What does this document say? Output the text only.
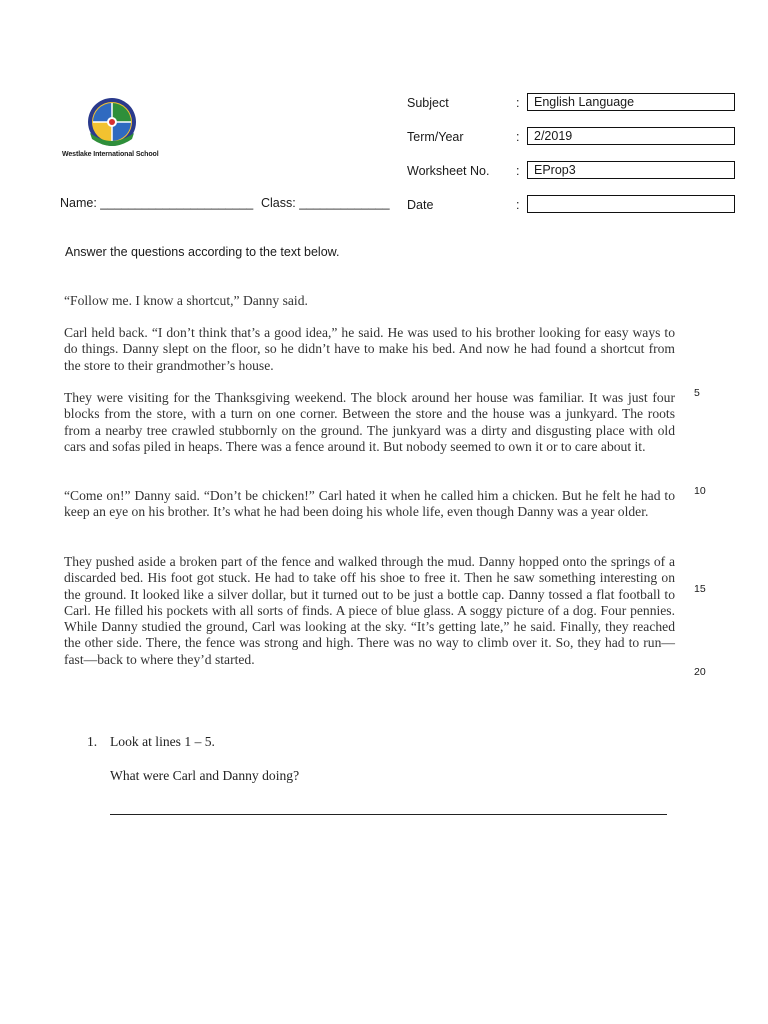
Westlake International School
Subject	:	English Language
Term/Year	:	2/2019
Worksheet No. :	EProp3
Date	:
Name: ______________________ Class: _____________
Answer the questions according to the text below.
“Follow me. I know a shortcut,” Danny said.
Carl held back. “I don’t think that’s a good idea,” he said. He was used to his brother looking for easy ways to do things. Danny slept on the floor, so he didn’t have to make his bed. And now he had found a shortcut from the store to their grandmother’s house.
They were visiting for the Thanksgiving weekend. The block around her house was familiar. It was just four blocks from the store, with a turn on one corner. Between the store and the house was a junkyard. The roots from a nearby tree crawled stubbornly on the ground. The junkyard was a dirty and disgusting place with old cars and sofas piled in heaps. There was a fence around it. But nobody seemed to own it or to care about it.
“Come on!” Danny said. “Don’t be chicken!” Carl hated it when he called him a chicken. But he felt he had to keep an eye on his brother. It’s what he had been doing his whole life, even though Danny was a year older.
They pushed aside a broken part of the fence and walked through the mud. Danny hopped onto the springs of a discarded bed. His foot got stuck. He had to take off his shoe to free it. Then he saw something interesting on the ground. It looked like a silver dollar, but it turned out to be just a bottle cap. Danny tossed a flat football to Carl. He filled his pockets with all sorts of finds. A piece of blue glass. A soggy picture of a dog. Four pennies. While Danny studied the ground, Carl was looking at the sky. “It’s getting late,” he said. Finally, they reached the other side. There, the fence was strong and high. There was no way to climb over it. So, they had to run—fast—back to where they’d started.
5
10
15
20
1. Look at lines 1 – 5.
What were Carl and Danny doing?
